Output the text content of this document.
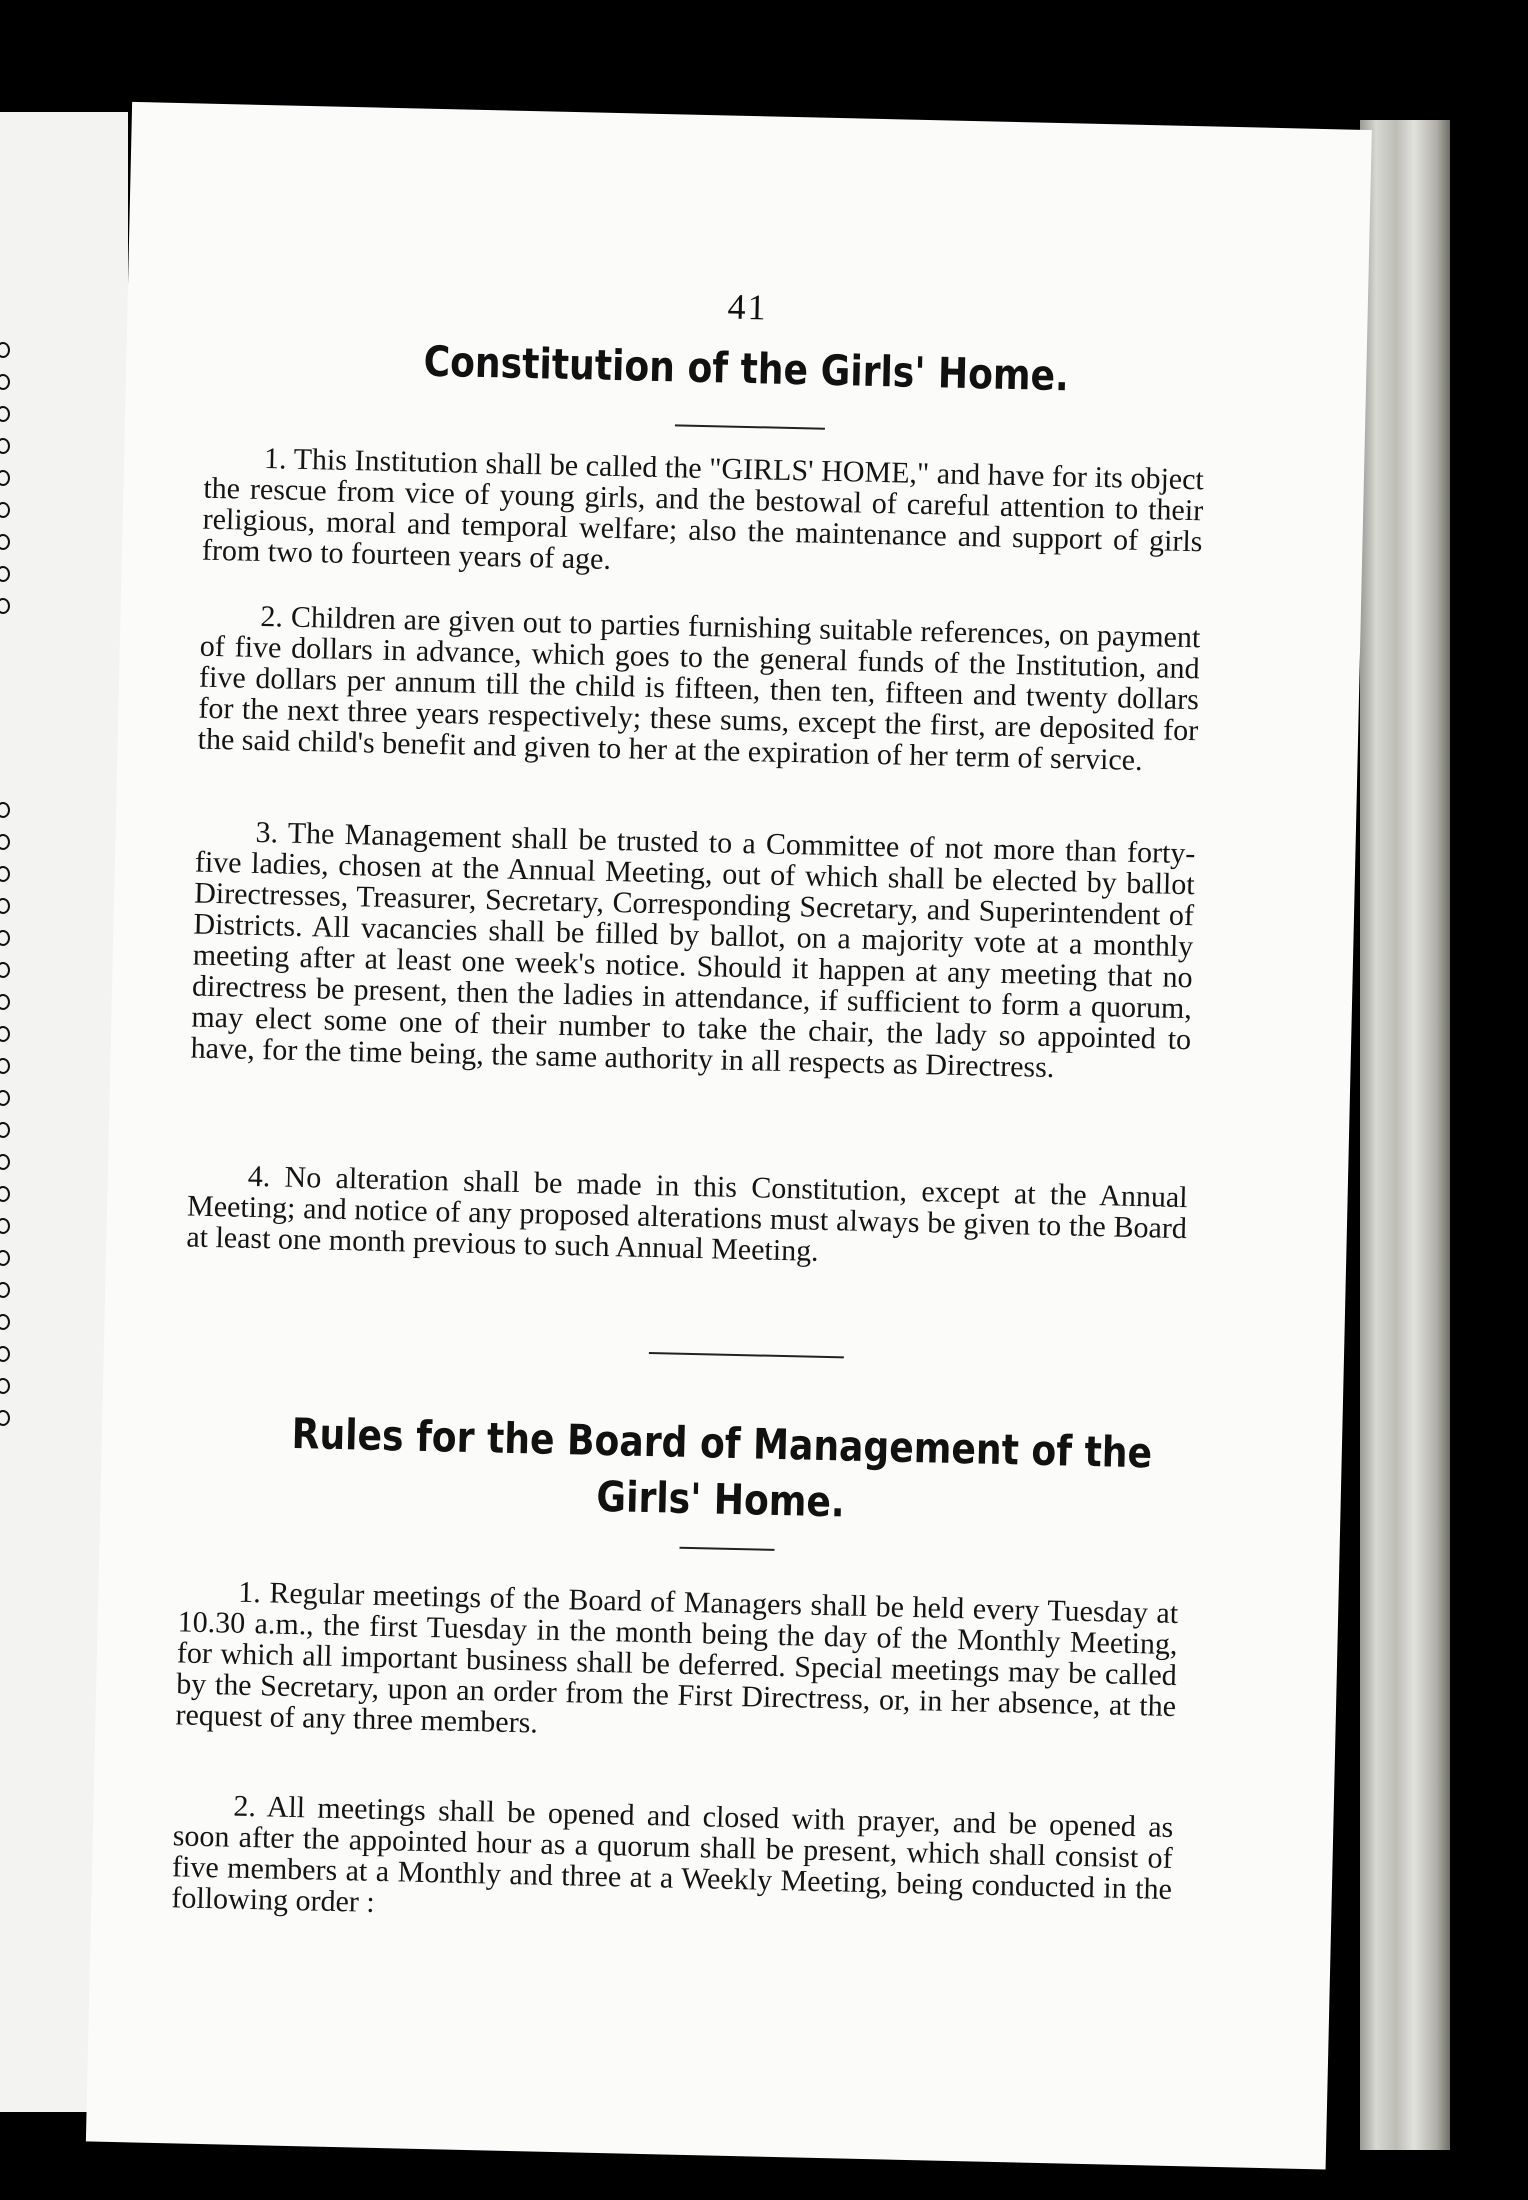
41
Constitution of the Girls' Home.
1. This Institution shall be called the "GIRLS' HOME," and have for its object the rescue from vice of young girls, and the bestowal of careful attention to their religious, moral and temporal welfare; also the maintenance and support of girls from two to fourteen years of age.
2. Children are given out to parties furnishing suitable references, on payment of five dollars in advance, which goes to the general funds of the Institution, and five dollars per annum till the child is fifteen, then ten, fifteen and twenty dollars for the next three years respectively; these sums, except the first, are deposited for the said child's benefit and given to her at the expiration of her term of service.
3. The Management shall be trusted to a Committee of not more than forty-five ladies, chosen at the Annual Meeting, out of which shall be elected by ballot Directresses, Treasurer, Secretary, Corresponding Secretary, and Superintendent of Districts. All vacancies shall be filled by ballot, on a majority vote at a monthly meeting after at least one week's notice. Should it happen at any meeting that no directress be present, then the ladies in attendance, if sufficient to form a quorum, may elect some one of their number to take the chair, the lady so appointed to have, for the time being, the same authority in all respects as Directress.
4. No alteration shall be made in this Constitution, except at the Annual Meeting; and notice of any proposed alterations must always be given to the Board at least one month previous to such Annual Meeting.
Rules for the Board of Management of the
Girls' Home.
1. Regular meetings of the Board of Managers shall be held every Tuesday at 10.30 a.m., the first Tuesday in the month being the day of the Monthly Meeting, for which all important business shall be deferred. Special meetings may be called by the Secretary, upon an order from the First Directress, or, in her absence, at the request of any three members.
2. All meetings shall be opened and closed with prayer, and be opened as soon after the appointed hour as a quorum shall be present, which shall consist of five members at a Monthly and three at a Weekly Meeting, being conducted in the following order :
